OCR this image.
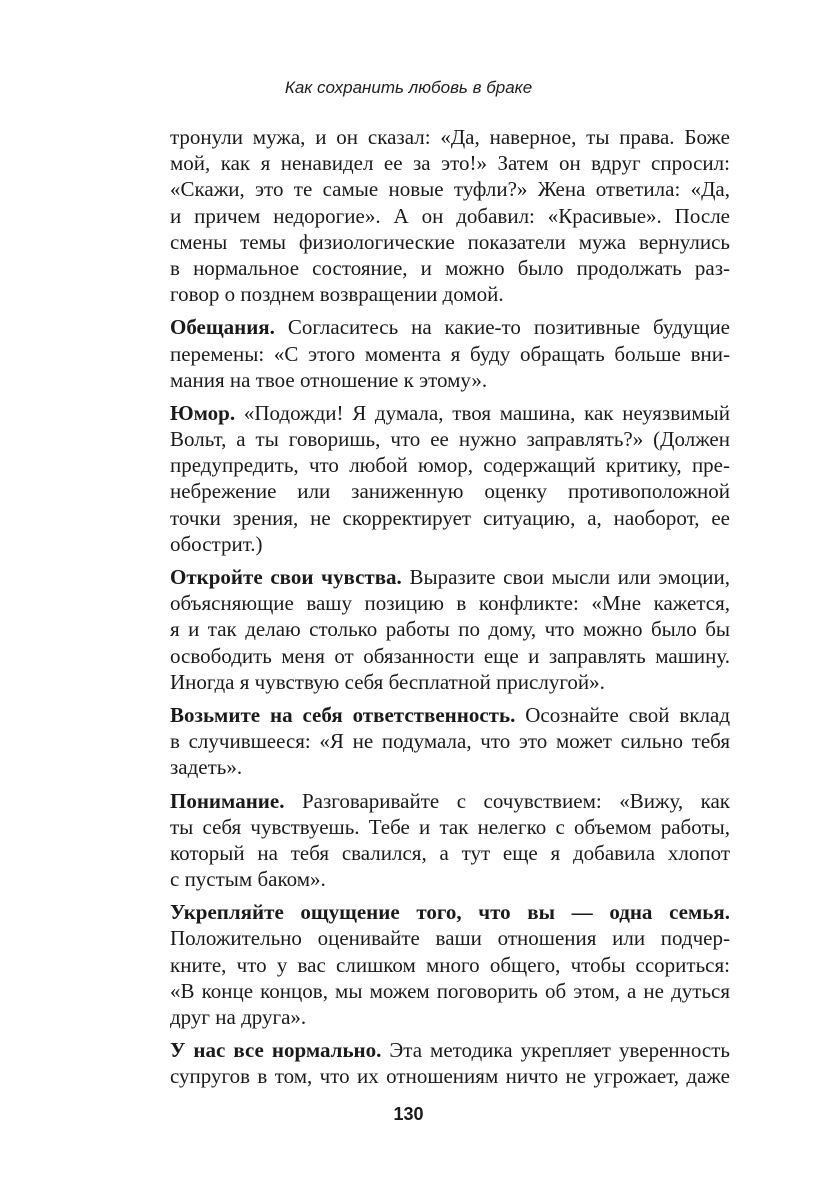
Как сохранить любовь в браке

тронули мужа, и он сказал: «Да, наверное, ты права. Боже
мой, как я ненавидел ее за это!» Затем он вдруг спросил:
«Скажи, это те самые новые туфли?» Жена ответила: «Да,
и причем недорогие». А он добавил: «Красивые». После
смены темы физиологические показатели мужа вернулись
в нормальное состояние, и можно было продолжать раз-
говор о позднем возвращении домой.

Обещания. Согласитесь на какие-то позитивные будущие
перемены: «С этого момента я буду обращать больше вни-
мания на твое отношение к этому».

Юмор. «Подожди! Я думала, твоя машина, как неуязвимый
Вольт, а ты говоришь, что ее нужно заправлять?» (Должен
предупредить, что любой юмор, содержащий критику, пре-
небрежение или заниженную оценку противоположной
точки зрения, не скорректирует ситуацию, а, наоборот, ее
обострит.)

Откройте свои чувства. Выразите свои мысли или эмоции,
объясняющие вашу позицию в конфликте: «Мне кажется,
я и так делаю столько работы по дому, что можно было бы
освободить меня от обязанности еще и заправлять машину.
Иногда я чувствую себя бесплатной прислугой».

Возьмите на себя ответственность. Осознайте свой вклад
в случившееся: «Я не подумала, что это может сильно тебя
задеть».

Понимание. Разговаривайте с сочувствием: «Вижу, как
ты себя чувствуешь. Тебе и так нелегко с объемом работы,
который на тебя свалился, а тут еще я добавила хлопот
с пустым баком».

Укрепляйте ощущение того, что вы — одна семья.
Положительно оценивайте ваши отношения или подчер-
кните, что у вас слишком много общего, чтобы ссориться:
«В конце концов, мы можем поговорить об этом, а не дуться
друг на друга».

У нас все нормально. Эта методика укрепляет уверенность
супругов в том, что их отношениям ничто не угрожает, даже

130
